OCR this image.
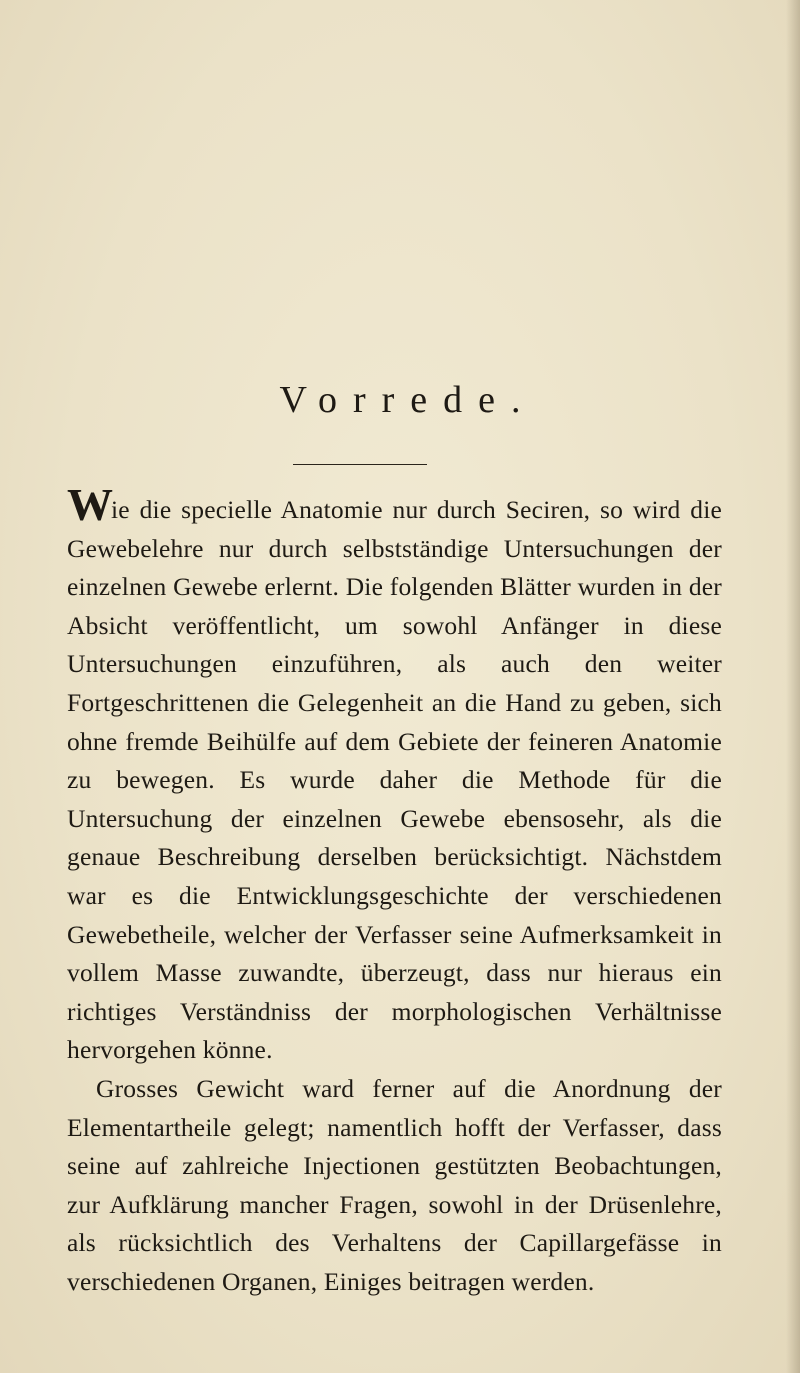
Vorrede.

Wie die specielle Anatomie nur durch Seciren, so wird die Gewebelehre nur durch selbstständige Untersuchungen der einzelnen Gewebe erlernt. Die folgenden Blätter wurden in der Absicht veröffentlicht, um sowohl Anfänger in diese Untersuchungen einzuführen, als auch den weiter Fortgeschrittenen die Gelegenheit an die Hand zu geben, sich ohne fremde Beihülfe auf dem Gebiete der feineren Anatomie zu bewegen. Es wurde daher die Methode für die Untersuchung der einzelnen Gewebe ebensosehr, als die genaue Beschreibung derselben berücksichtigt. Nächstdem war es die Entwicklungsgeschichte der verschiedenen Gewebetheile, welcher der Verfasser seine Aufmerksamkeit in vollem Masse zuwandte, überzeugt, dass nur hieraus ein richtiges Verständniss der morphologischen Verhältnisse hervorgehen könne.

Grosses Gewicht ward ferner auf die Anordnung der Elementartheile gelegt; namentlich hofft der Verfasser, dass seine auf zahlreiche Injectionen gestützten Beobachtungen, zur Aufklärung mancher Fragen, sowohl in der Drüsenlehre, als rücksichtlich des Verhaltens der Capillargefässe in verschiedenen Organen, Einiges beitragen werden.
